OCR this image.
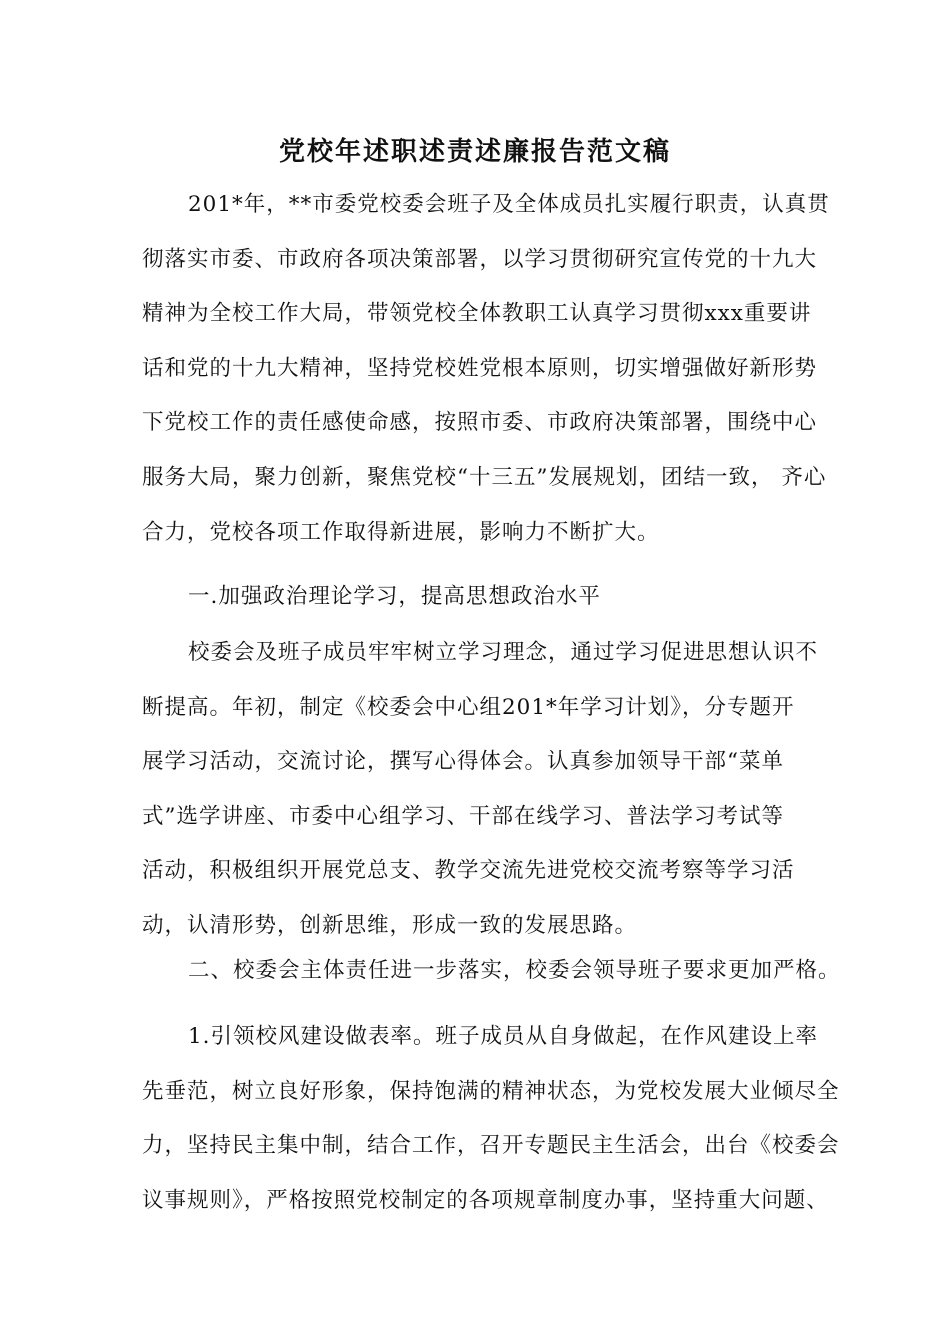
党校年述职述责述廉报告范文稿
201*年，**市委党校委会班子及全体成员扎实履行职责，认真贯
彻落实市委、市政府各项决策部署，以学习贯彻研究宣传党的十九大
精神为全校工作大局，带领党校全体教职工认真学习贯彻xxx重要讲
话和党的十九大精神，坚持党校姓党根本原则，切实增强做好新形势
下党校工作的责任感使命感，按照市委、市政府决策部署，围绕中心
服务大局，聚力创新，聚焦党校“十三五”发展规划，团结一致， 齐心
合力，党校各项工作取得新进展，影响力不断扩大。
一.加强政治理论学习，提高思想政治水平
校委会及班子成员牢牢树立学习理念，通过学习促进思想认识不
断提高。年初，制定《校委会中心组201*年学习计划》，分专题开
展学习活动，交流讨论，撰写心得体会。认真参加领导干部“菜单
式”选学讲座、市委中心组学习、干部在线学习、普法学习考试等
活动，积极组织开展党总支、教学交流先进党校交流考察等学习活
动，认清形势，创新思维，形成一致的发展思路。
二、校委会主体责任进一步落实，校委会领导班子要求更加严格。
1.引领校风建设做表率。班子成员从自身做起，在作风建设上率
先垂范，树立良好形象，保持饱满的精神状态，为党校发展大业倾尽全
力，坚持民主集中制，结合工作，召开专题民主生活会，出台《校委会
议事规则》，严格按照党校制定的各项规章制度办事，坚持重大问题、
